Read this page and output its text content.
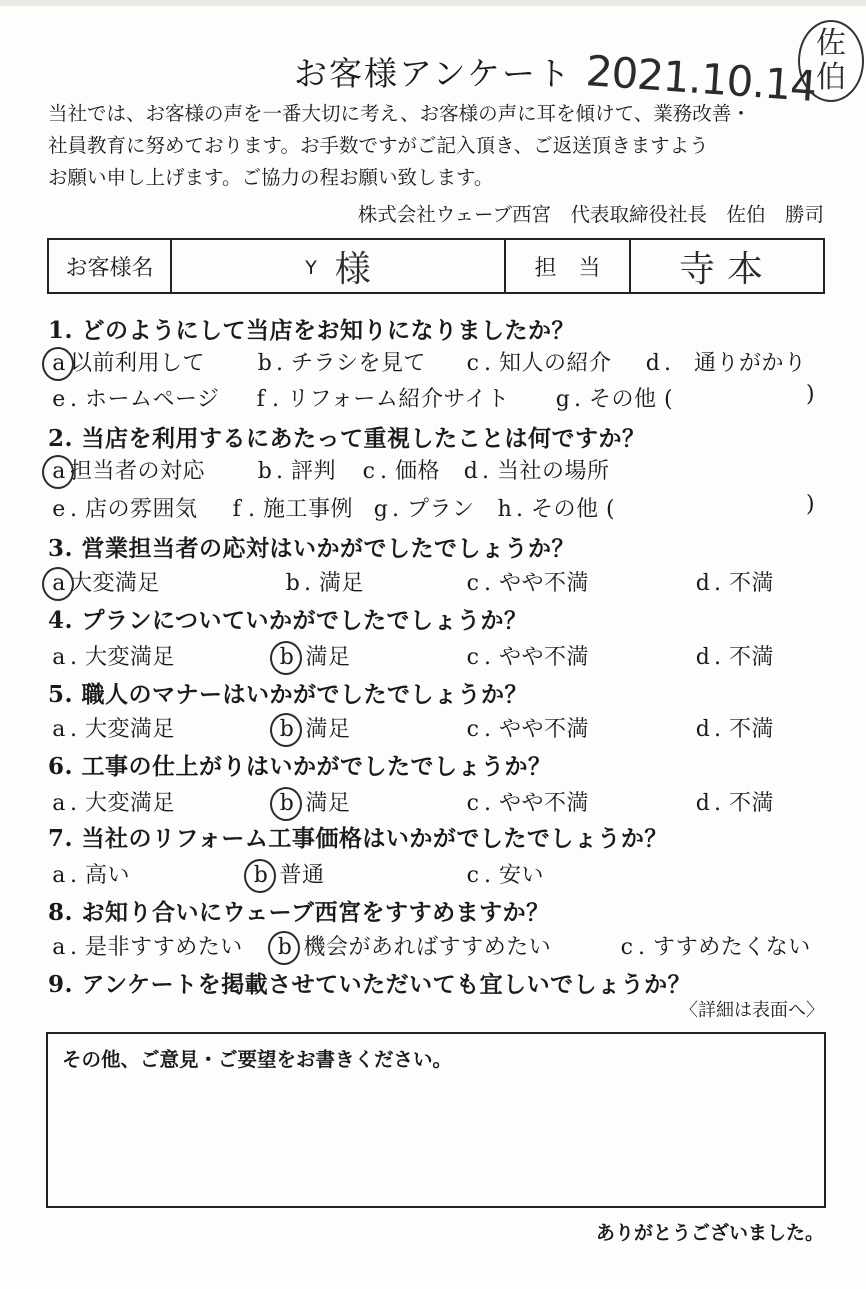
お客様アンケート 2021.10.14
佐
伯
当社では、お客様の声を一番大切に考え、お客様の声に耳を傾けて、業務改善・
社員教育に努めております。お手数ですがご記入頂き、ご返送頂きますよう
お願い申し上げます。ご協力の程お願い致します。
株式会社ウェーブ西宮　代表取締役社長　佐伯　勝司
お客様名	Y 様	担当 寺本
1. どのようにして当店をお知りになりましたか？
a 以前利用して b . チラシを見て c . 知人の紹介 d .　通りがかり
e . ホームページ	f . リフォーム紹介サイト g . その他 (	)
2. 当店を利用するにあたって重視したことは何ですか？
a 担当者の対応 b . 評判 c . 価格 d . 当社の場所
e . 店の雰囲気	f . 施工事例 g . プラン h . その他 (	)
3. 営業担当者の応対はいかがでしたでしょうか？
a 大変満足	b . 満足	c . やや不満	d . 不満
4. プランについていかがでしたでしょうか？
a . 大変満足	b 満足	c . やや不満	d . 不満
5. 職人のマナーはいかがでしたでしょうか？
a . 大変満足	b 満足	c . やや不満	d . 不満
6. 工事の仕上がりはいかがでしたでしょうか？
a . 大変満足	b 満足	c . やや不満	d . 不満
7. 当社のリフォーム工事価格はいかがでしたでしょうか？
a . 高い	b 普通	c . 安い
8. お知り合いにウェーブ西宮をすすめますか？
a . 是非すすめたい b 機会があればすすめたい	c . すすめたくない
9. アンケートを掲載させていただいても宜しいでしょうか？
〈詳細は表面へ〉
その他、ご意見・ご要望をお書きください。
ありがとうございました。
